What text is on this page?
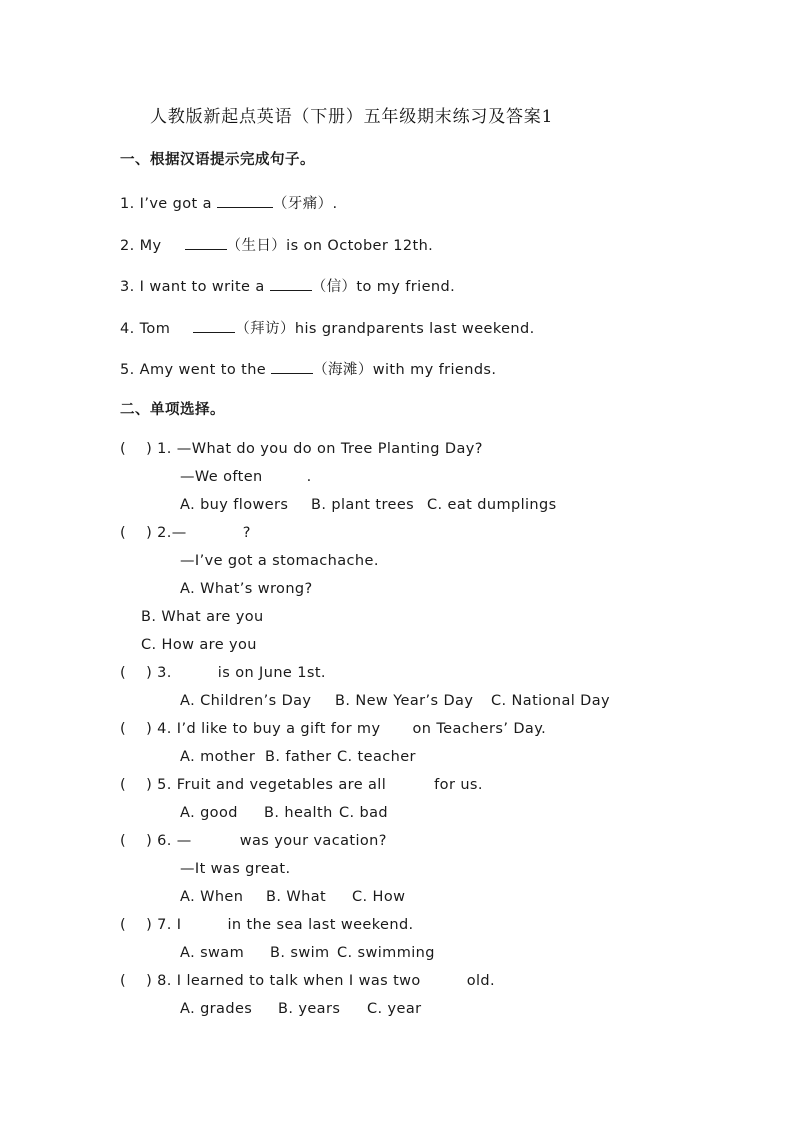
人教版新起点英语（下册）五年级期末练习及答案1
一、根据汉语提示完成句子。
1. I’ve got a	（牙痛）.
2. My	（生日）is on October 12th.
3. I want to write a	（信）to my friend.
4. Tom	（拜访）his grandparents last weekend.
5. Amy went to the	（海滩）with my friends.
二、单项选择。
(    ) 1. —What do you do on Tree Planting Day?
—We often	.
A. buy flowers B. plant trees C. eat dumplings
(    ) 2.—	?
—I’ve got a stomachache.
A. What’s wrong?
B. What are you
C. How are you
(    ) 3.	is on June 1st.
A. Children’s Day B. New Year’s Day C. National Day
(    ) 4. I’d like to buy a gift for my on Teachers’ Day.
A. mother B. father C. teacher
(    ) 5. Fruit and vegetables are all	for us.
A. good B. health C. bad
(    ) 6. —	was your vacation?
—It was great.
A. When B. What C. How
(    ) 7. I	in the sea last weekend.
A. swam B. swim C. swimming
(    ) 8. I learned to talk when I was two	old.
A. grades B. years C. year
